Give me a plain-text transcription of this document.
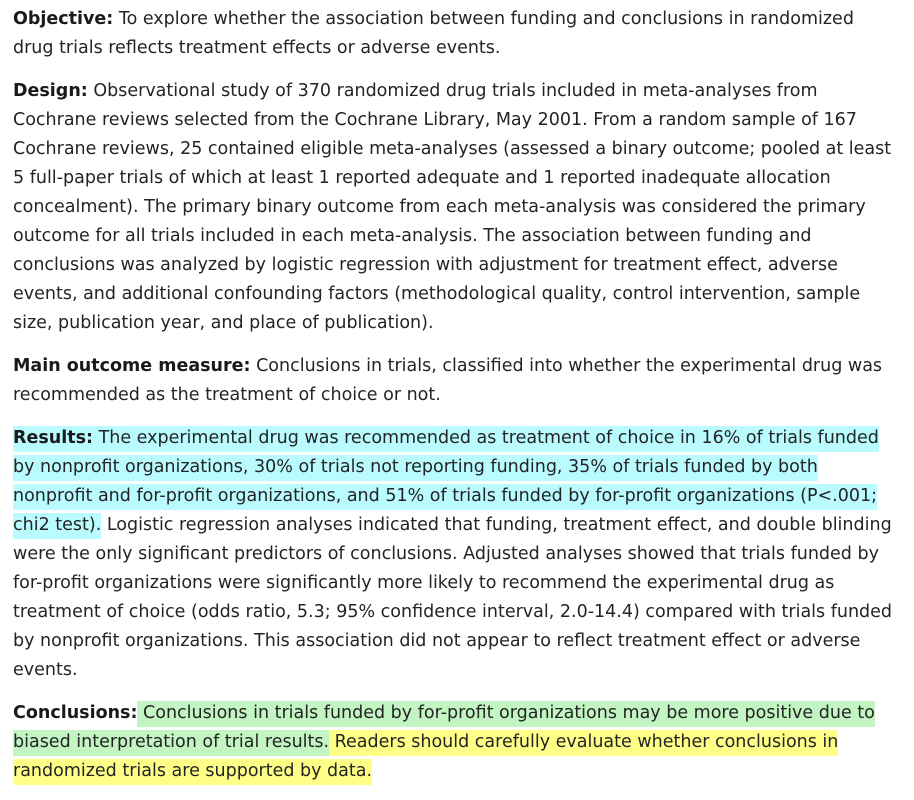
Objective: To explore whether the association between funding and conclusions in randomized drug trials reflects treatment effects or adverse events.

Design: Observational study of 370 randomized drug trials included in meta-analyses from Cochrane reviews selected from the Cochrane Library, May 2001. From a random sample of 167 Cochrane reviews, 25 contained eligible meta-analyses (assessed a binary outcome; pooled at least 5 full-paper trials of which at least 1 reported adequate and 1 reported inadequate allocation concealment). The primary binary outcome from each meta-analysis was considered the primary outcome for all trials included in each meta-analysis. The association between funding and conclusions was analyzed by logistic regression with adjustment for treatment effect, adverse events, and additional confounding factors (methodological quality, control intervention, sample size, publication year, and place of publication).

Main outcome measure: Conclusions in trials, classified into whether the experimental drug was recommended as the treatment of choice or not.

Results: The experimental drug was recommended as treatment of choice in 16% of trials funded by nonprofit organizations, 30% of trials not reporting funding, 35% of trials funded by both nonprofit and for-profit organizations, and 51% of trials funded by for-profit organizations (P<.001; chi2 test). Logistic regression analyses indicated that funding, treatment effect, and double blinding were the only significant predictors of conclusions. Adjusted analyses showed that trials funded by for-profit organizations were significantly more likely to recommend the experimental drug as treatment of choice (odds ratio, 5.3; 95% confidence interval, 2.0-14.4) compared with trials funded by nonprofit organizations. This association did not appear to reflect treatment effect or adverse events.

Conclusions: Conclusions in trials funded by for-profit organizations may be more positive due to biased interpretation of trial results. Readers should carefully evaluate whether conclusions in randomized trials are supported by data.
